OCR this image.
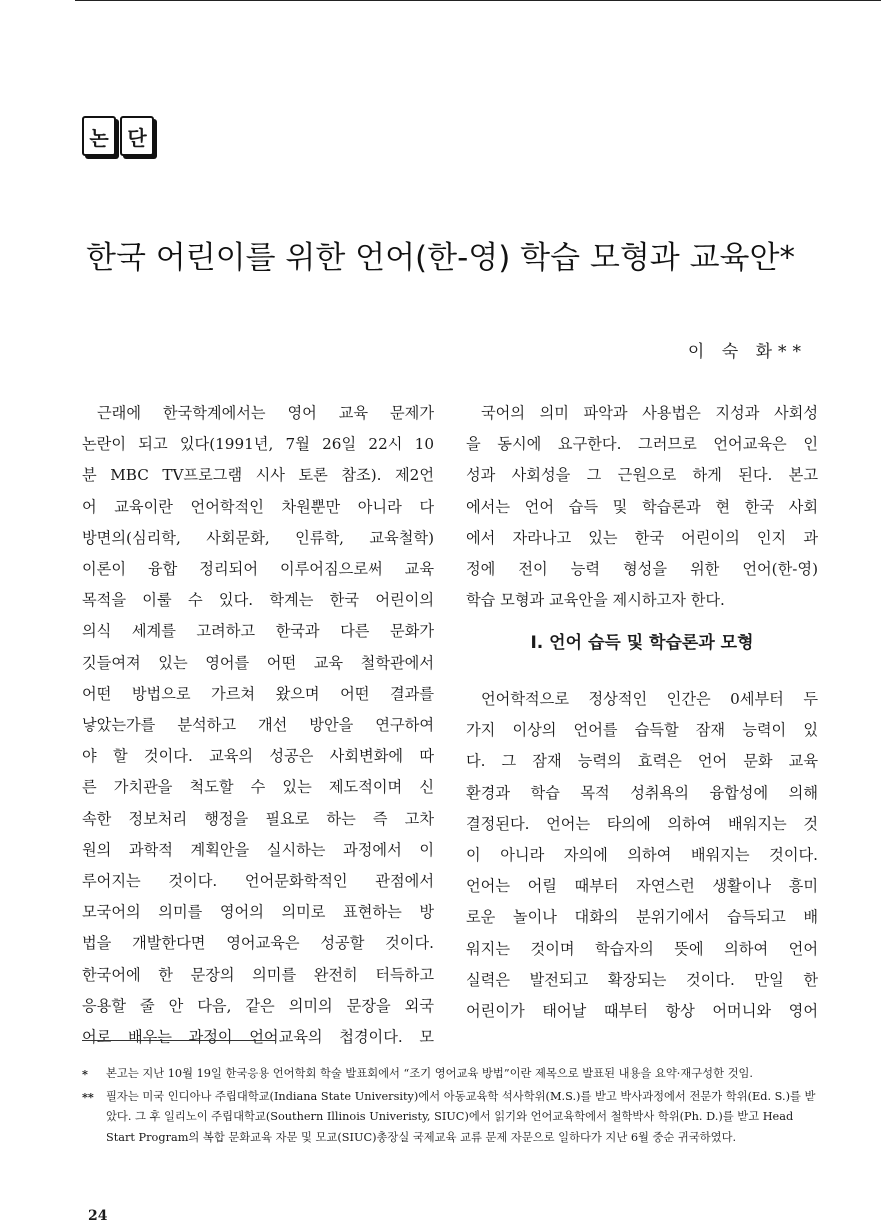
논 단
한국 어린이를 위한 언어(한-영) 학습 모형과 교육안*
이 숙 화**
근래에 한국학계에서는 영어 교육 문제가
논란이 되고 있다(1991년, 7월 26일 22시 10
분 MBC TV프로그램 시사 토론 참조). 제2언
어 교육이란 언어학적인 차원뿐만 아니라 다
방면의(심리학, 사회문화, 인류학, 교육철학)
이론이 융합 정리되어 이루어짐으로써 교육
목적을 이룰 수 있다. 학계는 한국 어린이의
의식 세계를 고려하고 한국과 다른 문화가
깃들여져 있는 영어를 어떤 교육 철학관에서
어떤 방법으로 가르쳐 왔으며 어떤 결과를
낳았는가를 분석하고 개선 방안을 연구하여
야 할 것이다. 교육의 성공은 사회변화에 따
른 가치관을 척도할 수 있는 제도적이며 신
속한 정보처리 행정을 필요로 하는 즉 고차
원의 과학적 계획안을 실시하는 과정에서 이
루어지는 것이다. 언어문화학적인 관점에서
모국어의 의미를 영어의 의미로 표현하는 방
법을 개발한다면 영어교육은 성공할 것이다.
한국어에 한 문장의 의미를 완전히 터득하고
응용할 줄 안 다음, 같은 의미의 문장을 외국
어로 배우는 과정이 언어교육의 첩경이다. 모
국어의 의미 파악과 사용법은 지성과 사회성
을 동시에 요구한다. 그러므로 언어교육은 인
성과 사회성을 그 근원으로 하게 된다. 본고
에서는 언어 습득 및 학습론과 현 한국 사회
에서 자라나고 있는 한국 어린이의 인지 과
정에 전이 능력 형성을 위한 언어(한-영)
학습 모형과 교육안을 제시하고자 한다.
Ⅰ. 언어 습득 및 학습론과 모형
언어학적으로 정상적인 인간은 0세부터 두
가지 이상의 언어를 습득할 잠재 능력이 있
다. 그 잠재 능력의 효력은 언어 문화 교육
환경과 학습 목적 성취욕의 융합성에 의해
결정된다. 언어는 타의에 의하여 배워지는 것
이 아니라 자의에 의하여 배워지는 것이다.
언어는 어릴 때부터 자연스런 생활이나 흥미
로운 놀이나 대화의 분위기에서 습득되고 배
워지는 것이며 학습자의 뜻에 의하여 언어
실력은 발전되고 확장되는 것이다. 만일 한
어린이가 태어날 때부터 항상 어머니와 영어
*	본고는 지난 10월 19일 한국응용 언어학회 학술 발표회에서 “조기 영어교육 방법”이란 제목으로 발표된 내용을 요약·재구성한 것임.
**	필자는 미국 인디아나 주립대학교(Indiana State University)에서 아동교육학 석사학위(M.S.)를 받고 박사과정에서 전문가 학위(Ed. S.)를 받았다. 그 후 일리노이 주립대학교(Southern Illinois Univeristy, SIUC)에서 읽기와 언어교육학에서 철학박사 학위(Ph. D.)를 받고 Head Start Program의 복합 문화교육 자문 및 모교(SIUC)총장실 국제교육 교류 문제 자문으로 일하다가 지난 6월 중순 귀국하였다.
24
